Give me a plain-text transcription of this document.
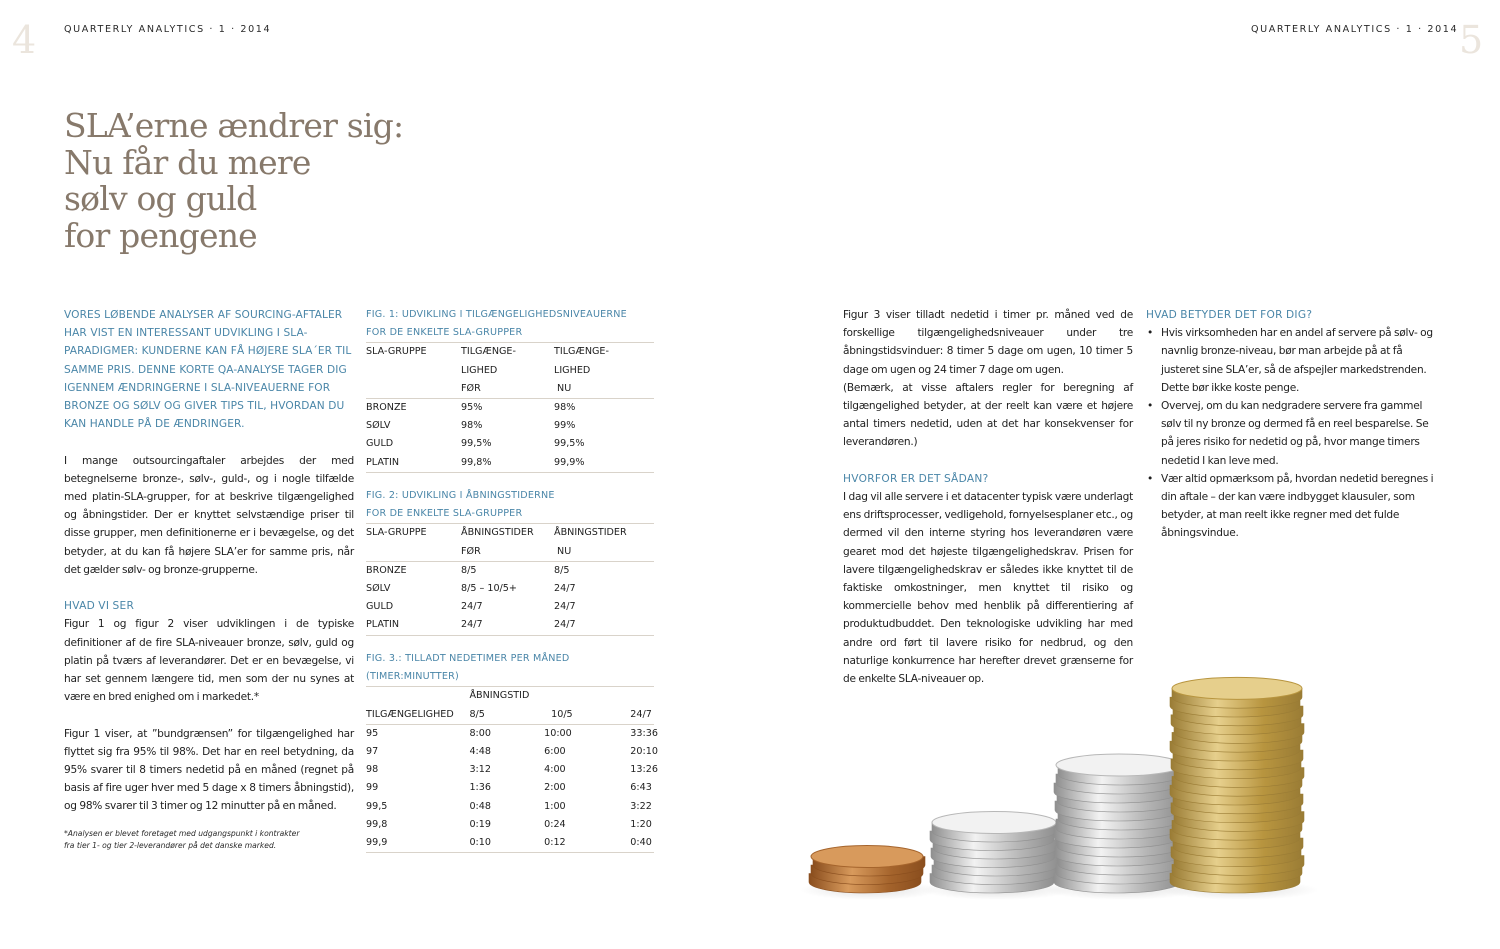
4	QUARTERLY ANALYTICS · 1 · 2014
SLA’erne ændrer sig:
Nu får du mere
sølv og guld
for pengene

VORES LØBENDE ANALYSER AF SOURCING-AFTALER HAR VIST EN INTERESSANT UDVIKLING I SLA-PARADIGMER: KUNDERNE KAN FÅ HØJERE SLA´ER TIL SAMME PRIS. DENNE KORTE QA-ANALYSE TAGER DIG IGENNEM ÆNDRINGERNE I SLA-NIVEAUERNE FOR BRONZE OG SØLV OG GIVER TIPS TIL, HVORDAN DU KAN HANDLE PÅ DE ÆNDRINGER.

I mange outsourcingaftaler arbejdes der med betegnelserne bronze-, sølv-, guld-, og i nogle tilfælde med platin-SLA-grupper, for at beskrive tilgængelighed og åbningstider. Der er knyttet selvstændige priser til disse grupper, men definitionerne er i bevægelse, og det betyder, at du kan få højere SLA’er for samme pris, når det gælder sølv- og bronze-grupperne.

HVAD VI SER

Figur 1 og figur 2 viser udviklingen i de typiske definitioner af de fire SLA-niveauer bronze, sølv, guld og platin på tværs af leverandører. Det er en bevægelse, vi har set gennem længere tid, men som der nu synes at være en bred enighed om i markedet.*

Figur 1 viser, at ”bundgrænsen” for tilgængelighed har flyttet sig fra 95% til 98%. Det har en reel betydning, da 95% svarer til 8 timers nedetid på en måned (regnet på basis af fire uger hver med 5 dage x 8 timers åbningstid), og 98% svarer til 3 timer og 12 minutter på en måned.

*Analysen er blevet foretaget med udgangspunkt i kontrakter
fra tier 1- og tier 2-leverandører på det danske marked.
FIG. 1: UDVIKLING I TILGÆNGELIGHEDSNIVEAUERNE
FOR DE ENKELTE SLA-GRUPPER
SLA-GRUPPE	TILGÆNGE-	TILGÆNGE-
	LIGHED	LIGHED
	FØR	NU
BRONZE	95%	98%
SØLV	98%	99%
GULD	99,5%	99,5%
PLATIN	99,8%	99,9%
FIG. 2: UDVIKLING I ÅBNINGSTIDERNE
FOR DE ENKELTE SLA-GRUPPER
SLA-GRUPPE	ÅBNINGSTIDER	ÅBNINGSTIDER
	FØR	NU
BRONZE	8/5	8/5
SØLV	8/5 – 10/5+	24/7
GULD	24/7	24/7
PLATIN	24/7	24/7
FIG. 3.: TILLADT NEDETIMER PER MÅNED
(TIMER:MINUTTER)
	ÅBNINGSTID		
TILGÆNGELIGHED	8/5	10/5	24/7
95	8:00	10:00	33:36
97	4:48	6:00	20:10
98	3:12	4:00	13:26
99	1:36	2:00	6:43
99,5	0:48	1:00	3:22
99,8	0:19	0:24	1:20
99,9	0:10	0:12	0:40
QUARTERLY ANALYTICS · 1 · 2014 5

Figur 3 viser tilladt nedetid i timer pr. måned ved de forskellige tilgængelighedsniveauer under tre åbningstidsvinduer: 8 timer 5 dage om ugen, 10 timer 5 dage om ugen og 24 timer 7 dage om ugen.

(Bemærk, at visse aftalers regler for beregning af tilgængelighed betyder, at der reelt kan være et højere antal timers nedetid, uden at det har konsekvenser for leverandøren.)

HVORFOR ER DET SÅDAN?

I dag vil alle servere i et datacenter typisk være underlagt ens driftsprocesser, vedligehold, fornyelsesplaner etc., og dermed vil den interne styring hos leverandøren være gearet mod det højeste tilgængelighedskrav. Prisen for lavere tilgængelighedskrav er således ikke knyttet til de faktiske omkostninger, men knyttet til risiko og kommercielle behov med henblik på differentiering af produktudbuddet. Den teknologiske udvikling har med andre ord ført til lavere risiko for nedbrud, og den naturlige konkurrence har herefter drevet grænserne for de enkelte SLA-niveauer op.

HVAD BETYDER DET FOR DIG?
• Hvis virksomheden har en andel af servere på sølv- og navnlig bronze-niveau, bør man arbejde på at få justeret sine SLA’er, så de afspejler markedstrenden. Dette bør ikke koste penge.
• Overvej, om du kan nedgradere servere fra gammel sølv til ny bronze og dermed få en reel besparelse. Se på jeres risiko for nedetid og på, hvor mange timers nedetid I kan leve med.
• Vær altid opmærksom på, hvordan nedetid beregnes i din aftale – der kan være indbygget klausuler, som betyder, at man reelt ikke regner med det fulde åbningsvindue.
